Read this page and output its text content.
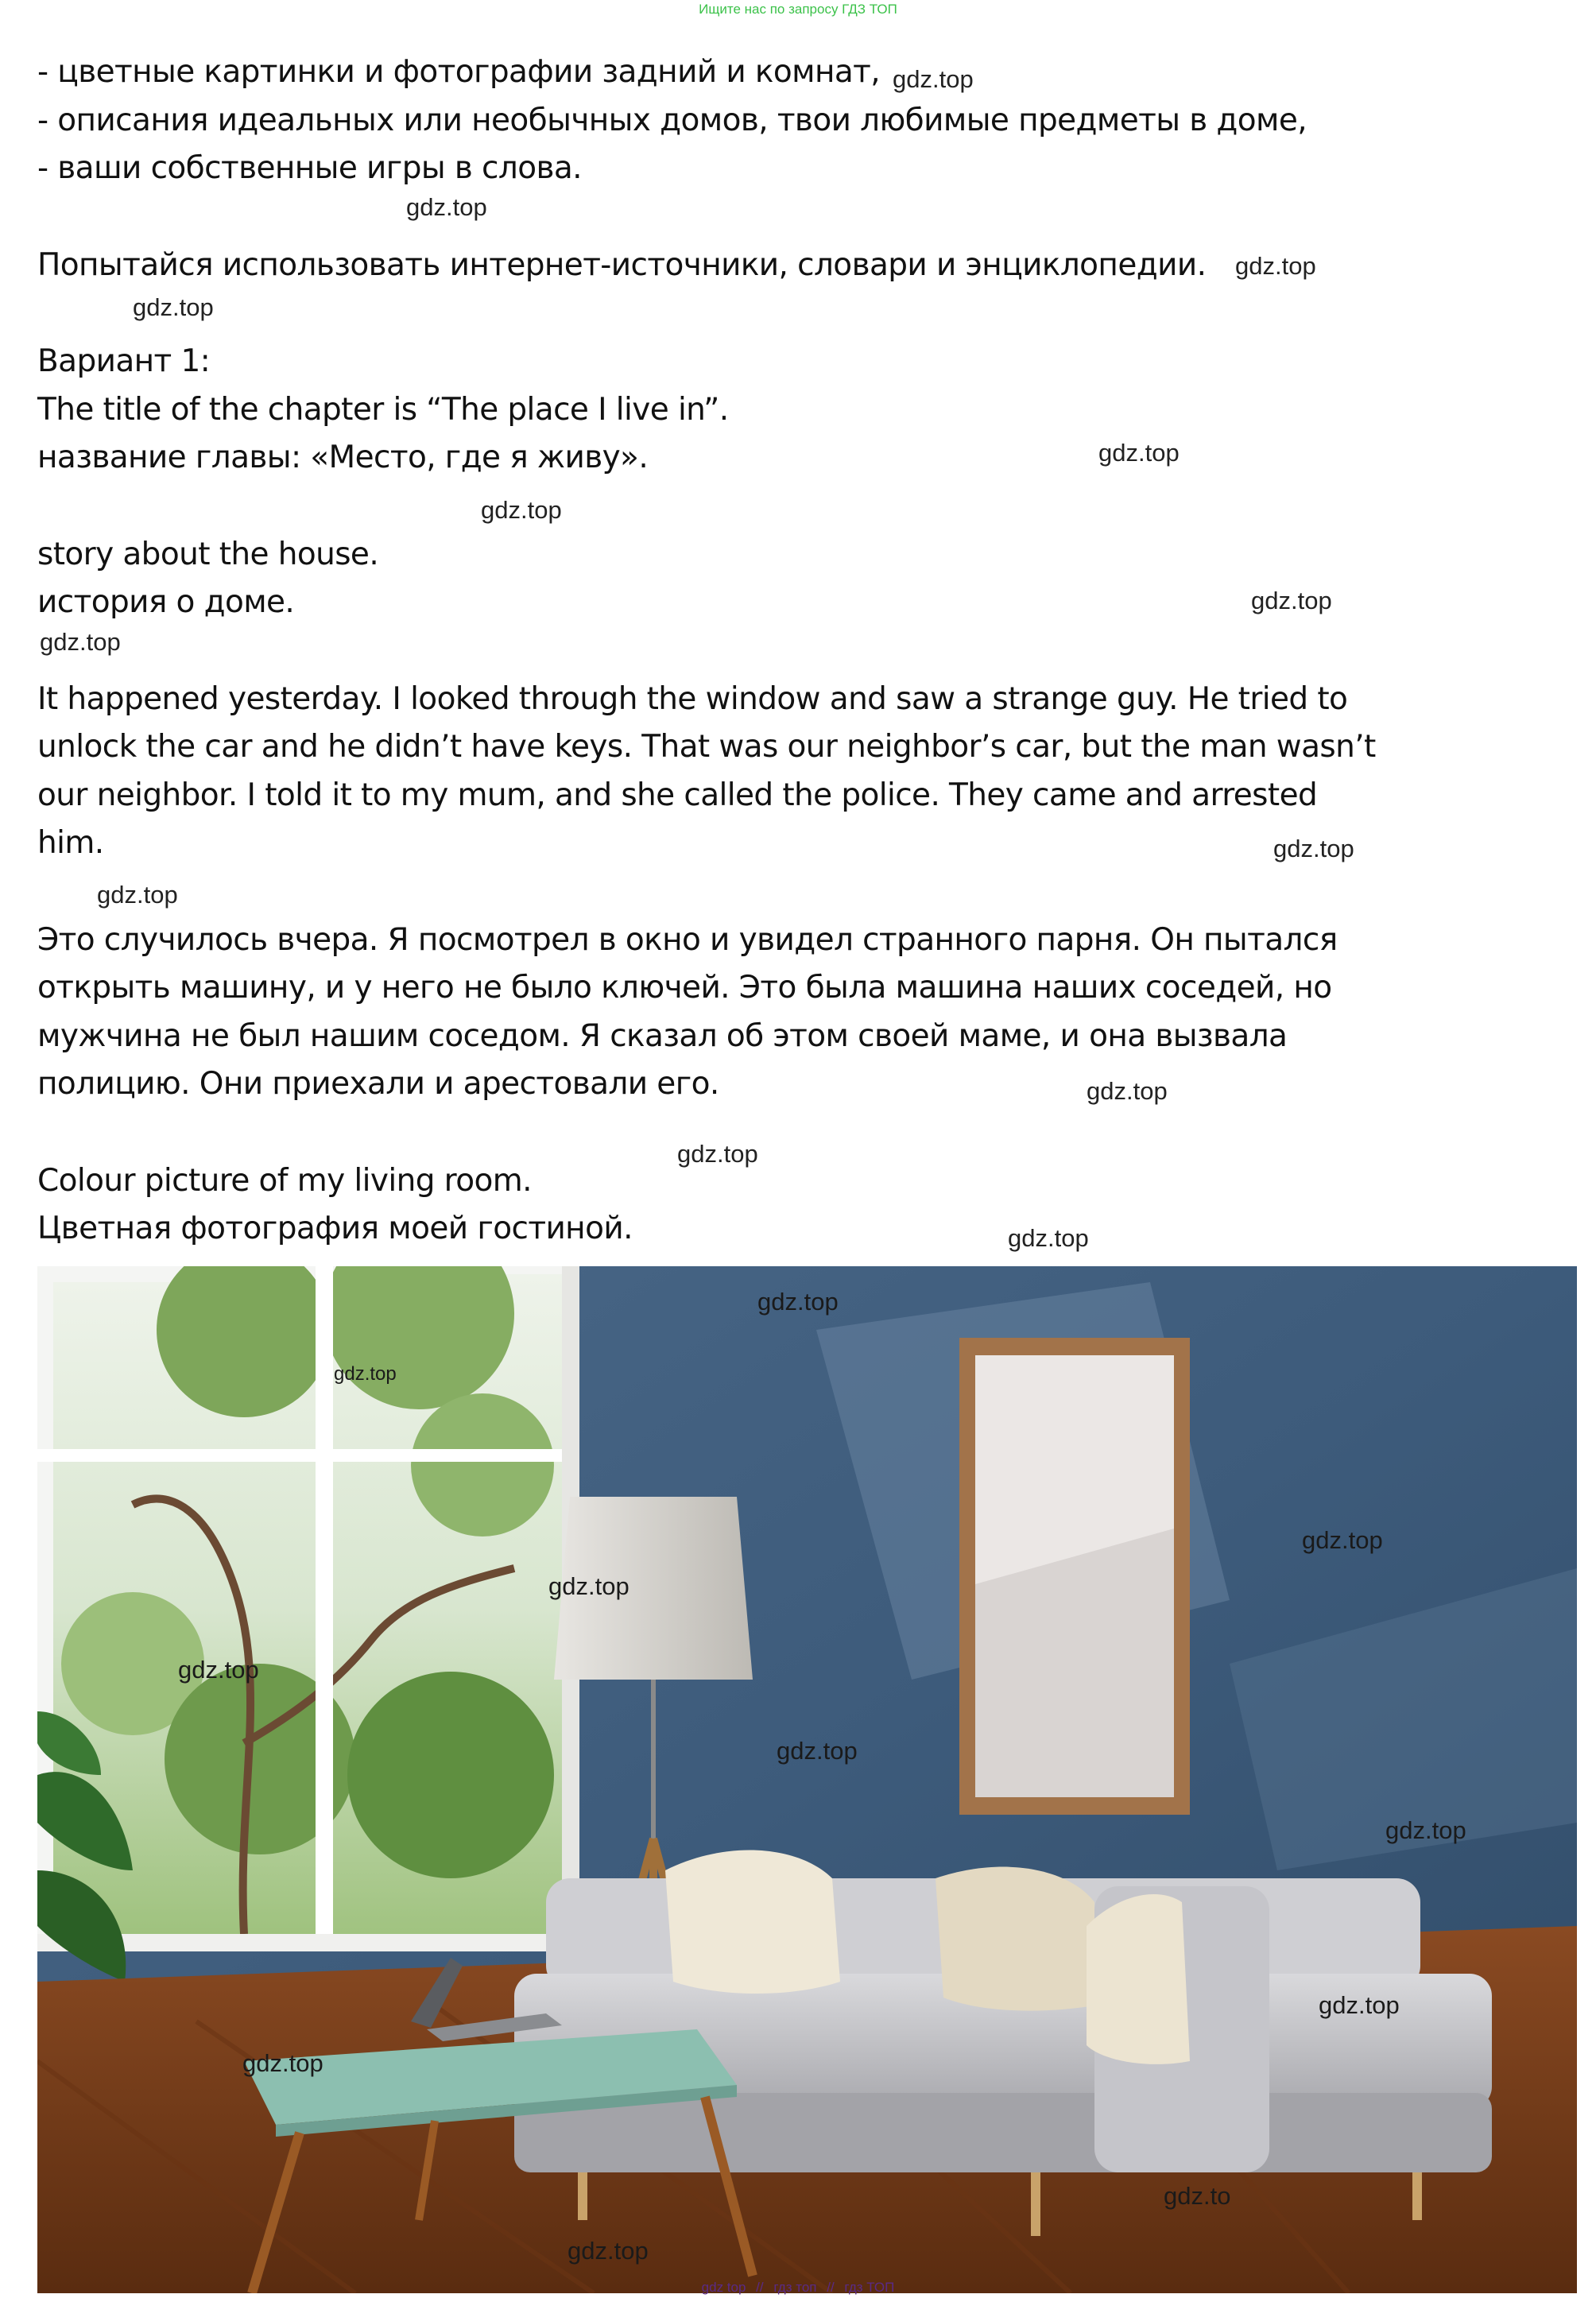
Ищите нас по запросу ГДЗ ТОП
- цветные картинки и фотографии задний и комнат,
- описания идеальных или необычных домов, твои любимые предметы в доме,
- ваши собственные игры в слова.
Попытайся использовать интернет-источники, словари и энциклопедии.
Вариант 1:
The title of the chapter is “The place I live in”.
название главы: «Место, где я живу».
story about the house.
история о доме.
It happened yesterday. I looked through the window and saw a strange guy. He tried to
unlock the car and he didn’t have keys. That was our neighbor’s car, but the man wasn’t
our neighbor. I told it to my mum, and she called the police. They came and arrested
him.
Это случилось вчера. Я посмотрел в окно и увидел странного парня. Он пытался
открыть машину, и у него не было ключей. Это была машина наших соседей, но
мужчина не был нашим соседом. Я сказал об этом своей маме, и она вызвала
полицию. Они приехали и арестовали его.
Colour picture of my living room.
Цветная фотография моей гостиной.
gdz.top
gdz.top
gdz.top
gdz.top
gdz.top
gdz.top
gdz.top
gdz.top
gdz.top
gdz.top
gdz.top
gdz.top
gdz.top
gdz.top
gdz.top
gdz.top
gdz.top
gdz.top
gdz.top
gdz.top
gdz.top
gdz.top
gdz.to
gdz.top
gdz top // гдз топ // гдз ТОП
